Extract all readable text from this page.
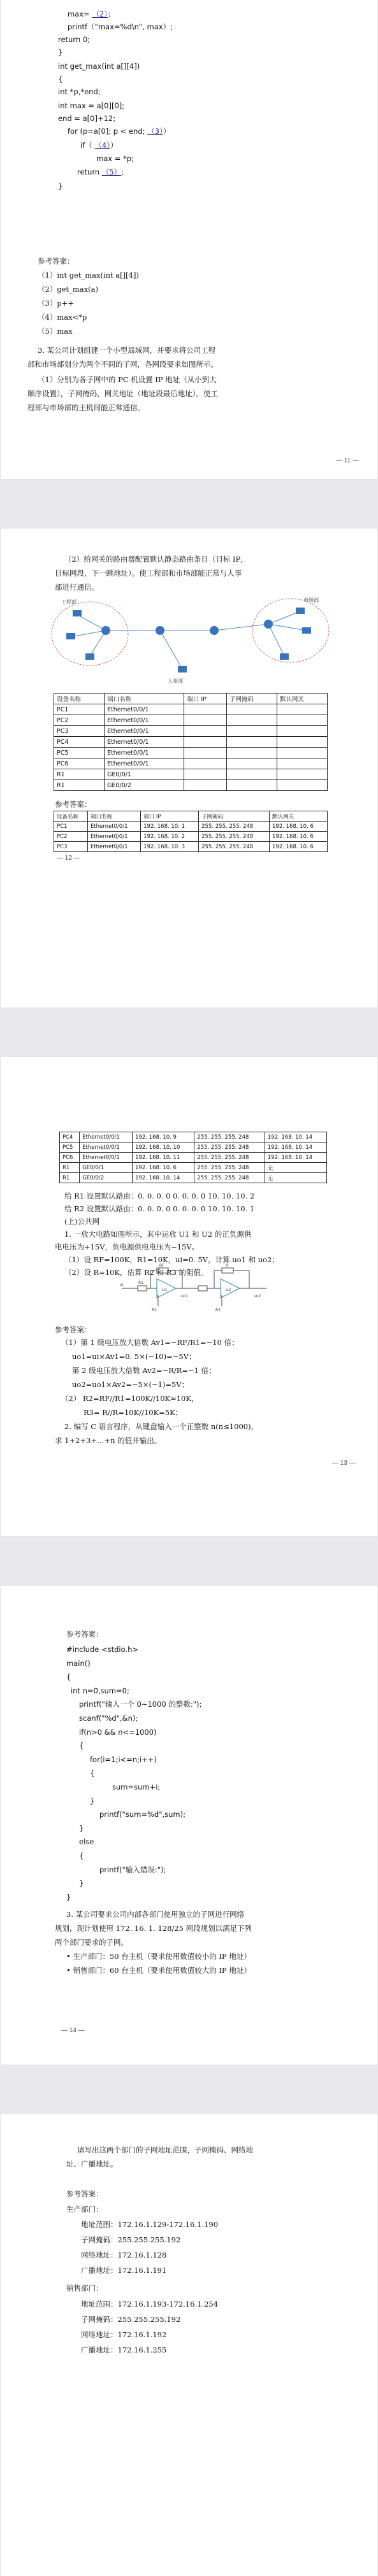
max= （2）；
printf（"max=%d\n", max）;
return 0;
}
int get_max(int a[][4])
{
int *p,*end;
int max = a[0][0];
end = a[0]+12;
for (p=a[0]; p < end; （3））
if（ （4））
max = *p;
return （5）;
}
参考答案：
（1）int get_max(int a[][4])
（2）get_max(a)
（3）p++
（4）max<*p
（5）max
3. 某公司计划组建一个小型局域网，并要求将公司工程
部和市场部划分为两个不同的子网，各网段要求如图所示。
（1）分别为各子网中的 PC 机设置 IP 地址（从小到大
顺序设置），子网掩码，网关地址（地址段最后地址）。使工
程部与市场部的主机间能正常通信。
— 11 —
（2）给网关的路由器配置默认静态路由条目（目标 IP，
目标网段，下一跳地址）。使工程部和市场部能正常与人事
部进行通信。
工程部	市场部
人事部
设备名称	端口名称	端口 IP	子网掩码	默认网关
PC1	Ethernet0/0/1			
PC2	Ethernet0/0/1			
PC3	Ethernet0/0/1			
PC4	Ethernet0/0/1			
PC5	Ethernet0/0/1			
PC6	Ethernet0/0/1			
R1	GE0/0/1			
R1	GE0/0/2			
参考答案：
设备名称	端口名称	端口 IP	子网掩码	默认网关
PC1	Ethernet0/0/1	192. 168. 10. 1	255. 255. 255. 248	192. 168. 10. 6
PC2	Ethernet0/0/1	192. 168. 10. 2	255. 255. 255. 248	192. 168. 10. 6
PC3	Ethernet0/0/1	192. 168. 10. 3	255. 255. 255. 248	192. 168. 10. 6
— 12 —
PC4	Ethernet0/0/1	192. 168. 10. 9	255. 255. 255. 248	192. 168. 10. 14
PC5	Ethernet0/0/1	192. 168. 10. 10	255. 255. 255. 248	192. 168. 10. 14
PC6	Ethernet0/0/1	192. 168. 10. 11	255. 255. 255. 248	192. 168. 10. 14
R1	GE0/0/1	192. 168. 10. 6	255. 255. 255. 248	无
R1	GE0/0/2	192. 168. 10. 14	255. 255. 255. 248	无
给 R1 设置默认路由：0. 0. 0. 0 0. 0. 0. 0 10. 10. 10. 2
给 R2 设置默认路由：0. 0. 0. 0 0. 0. 0. 0 10. 10. 10. 1
(上)公共网
1. 一放大电路如图所示，其中运放 U1 和 U2 的正负源供
电电压为+15V，负电源供电电压为−15V。
（1）设 RF=100K，R1=10K，ui=0. 5V，计算 uo1 和 uo2；
（2）设 R=10K，估算 R2 和 R3 的阻值。
U1	U2
RF
R1
R
R2	R3
ui
uo1	uo2
参考答案：
（1）第 1 级电压放大倍数 Av1=−RF/R1=−10 倍；
uo1=ui×Av1=0. 5×(−10)=−5V；
第 2 级电压放大倍数 Av2=−R/R=−1 倍；
uo2=uo1×Av2=−5×(−1)=5V；
（2） R2=RF//R1=100K//10K≈10K，
R3= R//R=10K//10K=5K；
2. 编写 C 语言程序，从键盘输入一个正整数 n(n≤1000)，
求 1+2+3+…+n 的值并输出。
— 13 —
参考答案：
#include <stdio.h>
main()
{
int n=0,sum=0;
printf("输入一个 0~1000 的整数:");
scanf("%d",&n);
if(n>0 && n<=1000)
{
for(i=1;i<=n;i++)
{
sum=sum+i;
}
printf("sum=%d",sum);
}
else
{
printf("输入错误:");
}
}
3. 某公司要求公司内部各部门使用独立的子网进行网络
规划，现计划使用 172. 16. 1. 128/25 网段规划以满足下列
两个部门要求的子网。
• 生产部门：50 台主机（要求使用数值较小的 IP 地址）
• 销售部门：60 台主机（要求使用数值较大的 IP 地址）
— 14 —
请写出这两个部门的子网地址范围，子网掩码、网络地
址、广播地址。
参考答案：
生产部门：
地址范围：172.16.1.129-172.16.1.190
子网掩码：255.255.255.192
网络地址：172.16.1.128
广播地址：172.16.1.191
销售部门：
地址范围：172.16.1.193-172.16.1.254
子网掩码：255.255.255.192
网络地址：172.16.1.192
广播地址：172.16.1.255
